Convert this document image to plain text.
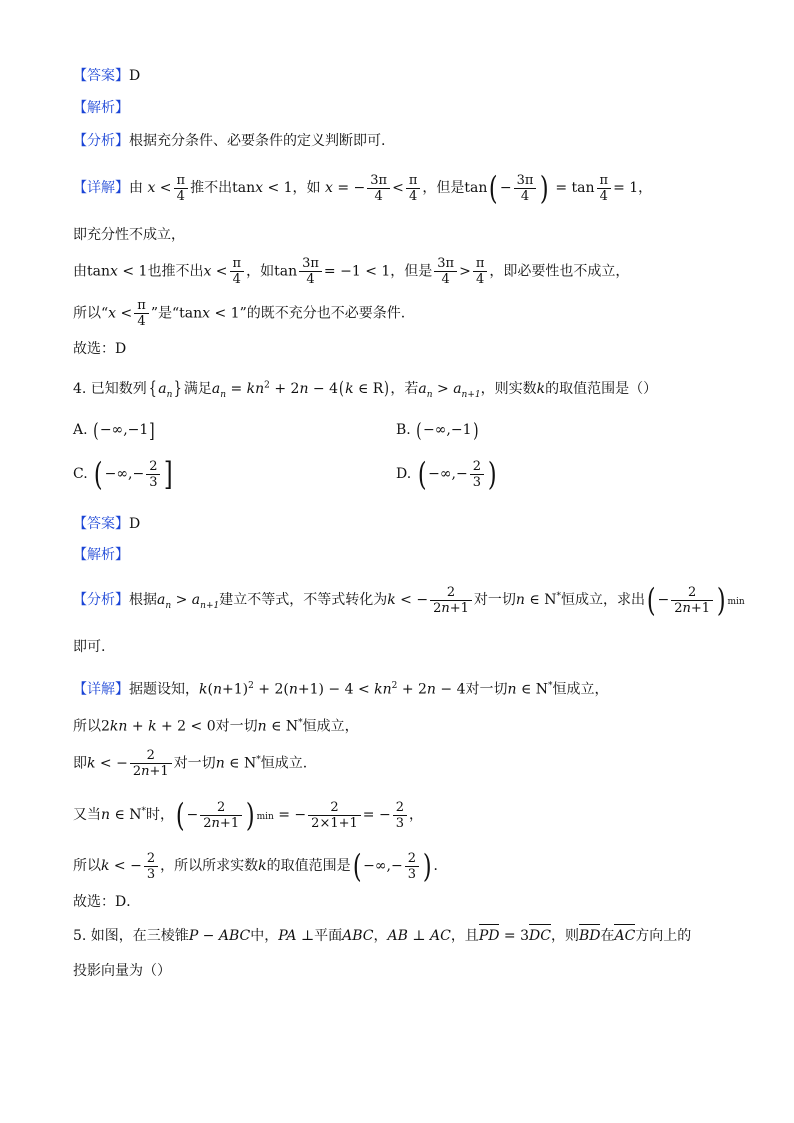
【答案】D
【解析】
【分析】根据充分条件、必要条件的定义判断即可.
【详解】由 $x < \frac{\pi}{4}$ 推不出tanx < 1，如 x = − $\frac{3\pi}{4} < \frac{\pi}{4}$ ，但是$\tan( - \frac{3\pi}{4}$ ) = $\tan \frac{\pi}{4} = 1$，
即充分性不成立，
由tanx < 1也推不出$x < \frac{\pi}{4}$ ，如$\tan \frac{3\pi}{4} = -1 < 1$，但是 $\frac{3\pi}{4} > \frac{\pi}{4}$ ，即必要性也不成立，
所以“$x < \frac{\pi}{4}$ ”是“tanx < 1”的既不充分也不必要条件.
故选：D
4. 已知数列{ $a_n$} 满足$a_n = kn^2 + 2n - 4(k$ ∈ R)，若$a_n > a_{n+1}$，则实数k的取值范围是（）
A. (−∞,−1]	B. (−∞,−1)
C. ( −∞,− $\frac{2}{3}$ ]	D. ( −∞,− $\frac{2}{3}$ )
【答案】D
【解析】
【分析】根据$a_n > a_{n+1}$建立不等式，不等式转化为k < − $\frac{2}{2n+1}$ 对一切n ∈ N*恒成立，求出( − $\frac{2}{2n+1}$ ) min
即可.
【详解】据题设知，$k(n+1)^2 + 2(n+1) - 4 < kn^2 + 2n - 4$对一切n ∈ N*恒成立，
所以2kn + k + 2 < 0对一切n ∈ N*恒成立，
即k < − $\frac{2}{2n+1}$ 对一切n ∈ N*恒成立.
又当n ∈ N*时，( − $\frac{2}{2n+1}$ ) min = − $\frac{2}{2\times 1+1}$ = − $\frac{2}{3}$ ，
所以k < − $\frac{2}{3}$ ，所以所求实数k的取值范围是( −∞,− $\frac{2}{3}$ ) ．
故选：D．
5. 如图，在三棱锥P − ABC中，PA ⊥平面ABC，AB ⊥ AC，且PD = 3DC，则BD在AC方向上的
投影向量为（）
